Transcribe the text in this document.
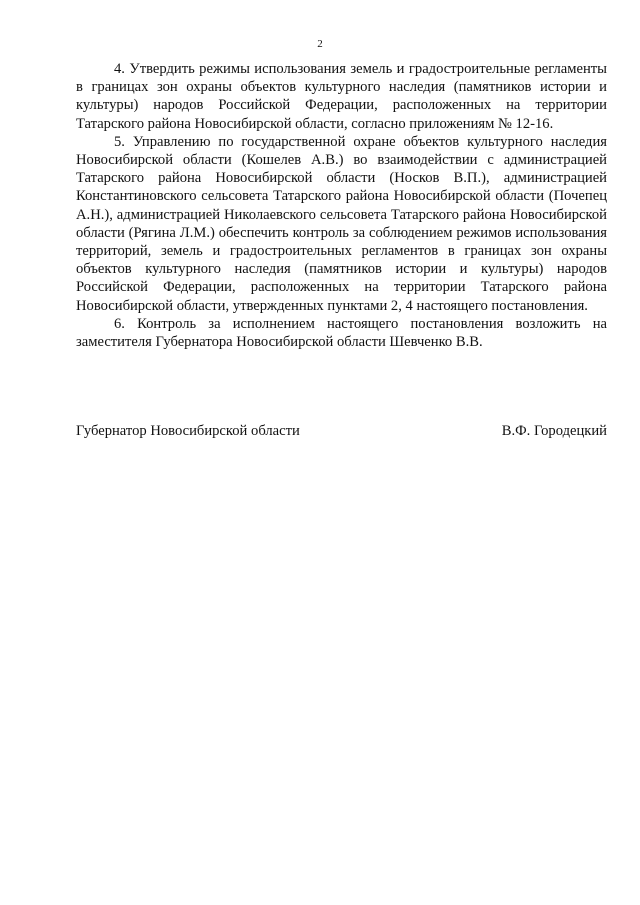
2

4. Утвердить режимы использования земель и градостроительные регламенты в границах зон охраны объектов культурного наследия (памятников истории и культуры) народов Российской Федерации, расположенных на территории Татарского района Новосибирской области, согласно приложениям № 12-16.

5. Управлению по государственной охране объектов культурного наследия Новосибирской области (Кошелев А.В.) во взаимодействии с администрацией Татарского района Новосибирской области (Носков В.П.), администрацией Константиновского сельсовета Татарского района Новосибирской области (Почепец А.Н.), администрацией Николаевского сельсовета Татарского района Новосибирской области (Рягина Л.М.) обеспечить контроль за соблюдением режимов использования территорий, земель и градостроительных регламентов в границах зон охраны объектов культурного наследия (памятников истории и культуры) народов Российской Федерации, расположенных на территории Татарского района Новосибирской области, утвержденных пунктами 2, 4 настоящего постановления.

6. Контроль за исполнением настоящего постановления возложить на заместителя Губернатора Новосибирской области Шевченко В.В.

Губернатор Новосибирской области	В.Ф. Городецкий
